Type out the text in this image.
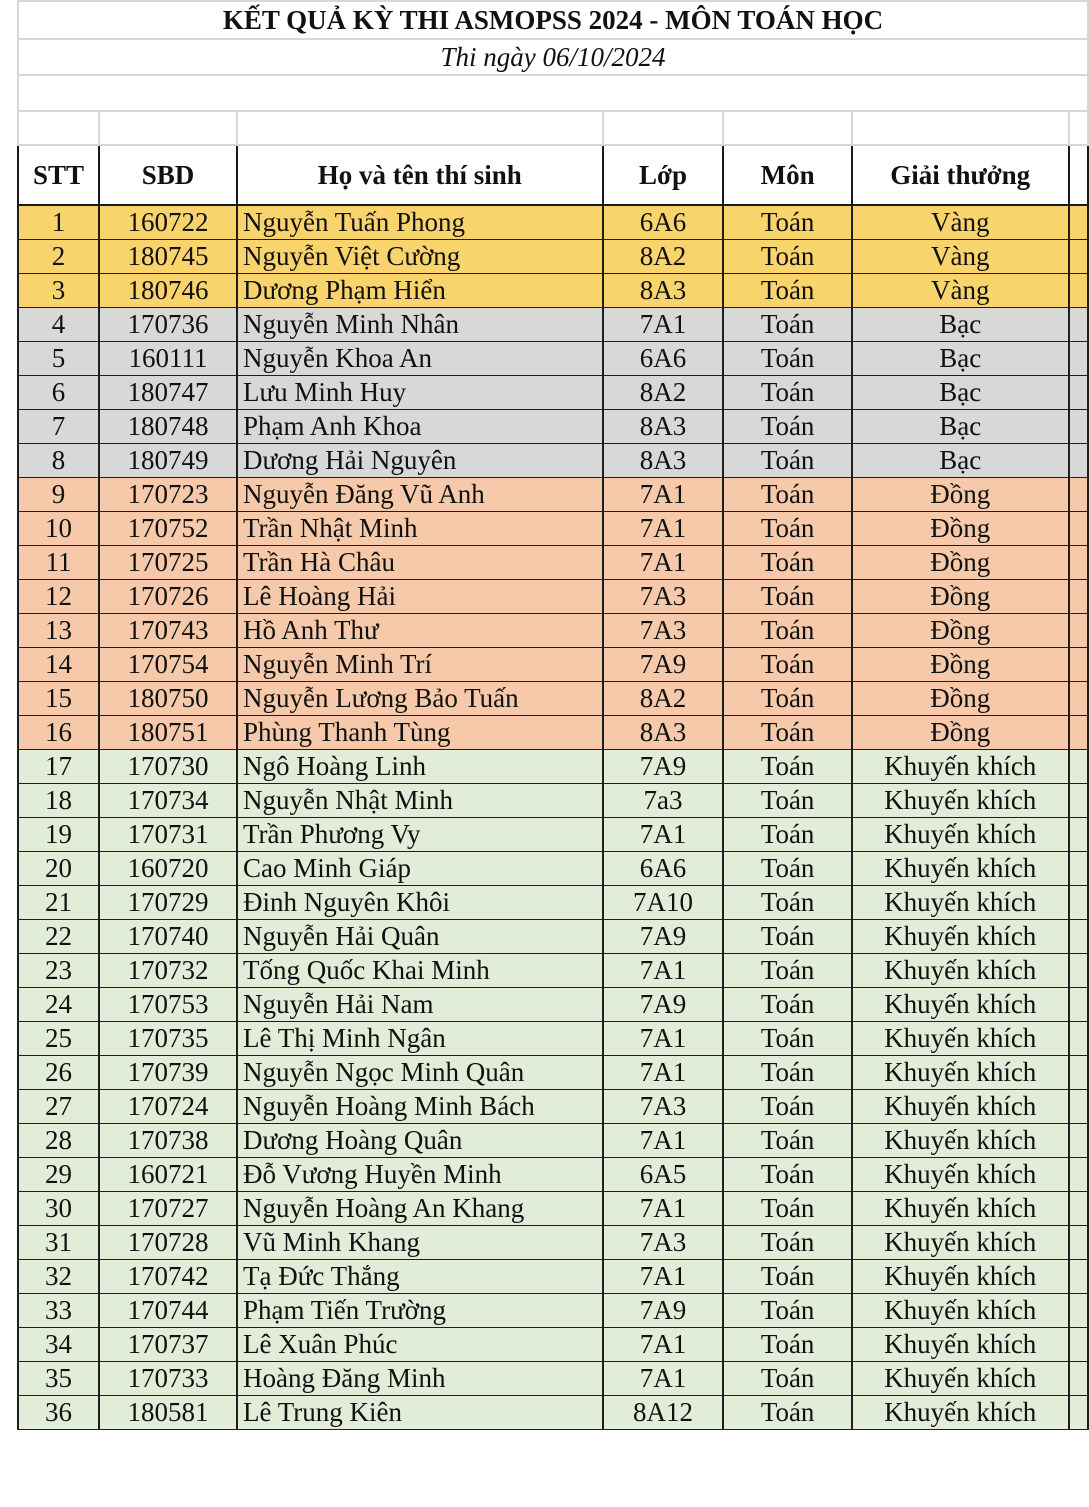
KẾT QUẢ KỲ THI ASMOPSS 2024 - MÔN TOÁN HỌC						
Thi ngày 06/10/2024						

STT	SBD	Họ và tên thí sinh	Lớp	Môn	Giải thưởng	
1	160722	Nguyễn Tuấn Phong	6A6	Toán	Vàng	
2	180745	Nguyễn Việt Cường	8A2	Toán	Vàng	
3	180746	Dương Phạm Hiển	8A3	Toán	Vàng	
4	170736	Nguyễn Minh Nhân	7A1	Toán	Bạc	
5	160111	Nguyễn Khoa An	6A6	Toán	Bạc	
6	180747	Lưu Minh Huy	8A2	Toán	Bạc	
7	180748	Phạm Anh Khoa	8A3	Toán	Bạc	
8	180749	Dương Hải Nguyên	8A3	Toán	Bạc	
9	170723	Nguyễn Đăng Vũ Anh	7A1	Toán	Đồng	
10	170752	Trần Nhật Minh	7A1	Toán	Đồng	
11	170725	Trần Hà Châu	7A1	Toán	Đồng	
12	170726	Lê Hoàng Hải	7A3	Toán	Đồng	
13	170743	Hồ Anh Thư	7A3	Toán	Đồng	
14	170754	Nguyễn Minh Trí	7A9	Toán	Đồng	
15	180750	Nguyễn Lương Bảo Tuấn	8A2	Toán	Đồng	
16	180751	Phùng Thanh Tùng	8A3	Toán	Đồng	
17	170730	Ngô Hoàng Linh	7A9	Toán	Khuyến khích	
18	170734	Nguyễn Nhật Minh	7a3	Toán	Khuyến khích	
19	170731	Trần Phương Vy	7A1	Toán	Khuyến khích	
20	160720	Cao Minh Giáp	6A6	Toán	Khuyến khích	
21	170729	Đinh Nguyên Khôi	7A10	Toán	Khuyến khích	
22	170740	Nguyễn Hải Quân	7A9	Toán	Khuyến khích	
23	170732	Tống Quốc Khai Minh	7A1	Toán	Khuyến khích	
24	170753	Nguyễn Hải Nam	7A9	Toán	Khuyến khích	
25	170735	Lê Thị Minh Ngân	7A1	Toán	Khuyến khích	
26	170739	Nguyễn Ngọc Minh Quân	7A1	Toán	Khuyến khích	
27	170724	Nguyễn Hoàng Minh Bách	7A3	Toán	Khuyến khích	
28	170738	Dương Hoàng Quân	7A1	Toán	Khuyến khích	
29	160721	Đỗ Vương Huyền Minh	6A5	Toán	Khuyến khích	
30	170727	Nguyễn Hoàng An Khang	7A1	Toán	Khuyến khích	
31	170728	Vũ Minh Khang	7A3	Toán	Khuyến khích	
32	170742	Tạ Đức Thắng	7A1	Toán	Khuyến khích	
33	170744	Phạm Tiến Trường	7A9	Toán	Khuyến khích	
34	170737	Lê Xuân Phúc	7A1	Toán	Khuyến khích	
35	170733	Hoàng Đăng Minh	7A1	Toán	Khuyến khích	
36	180581	Lê Trung Kiên	8A12	Toán	Khuyến khích	
